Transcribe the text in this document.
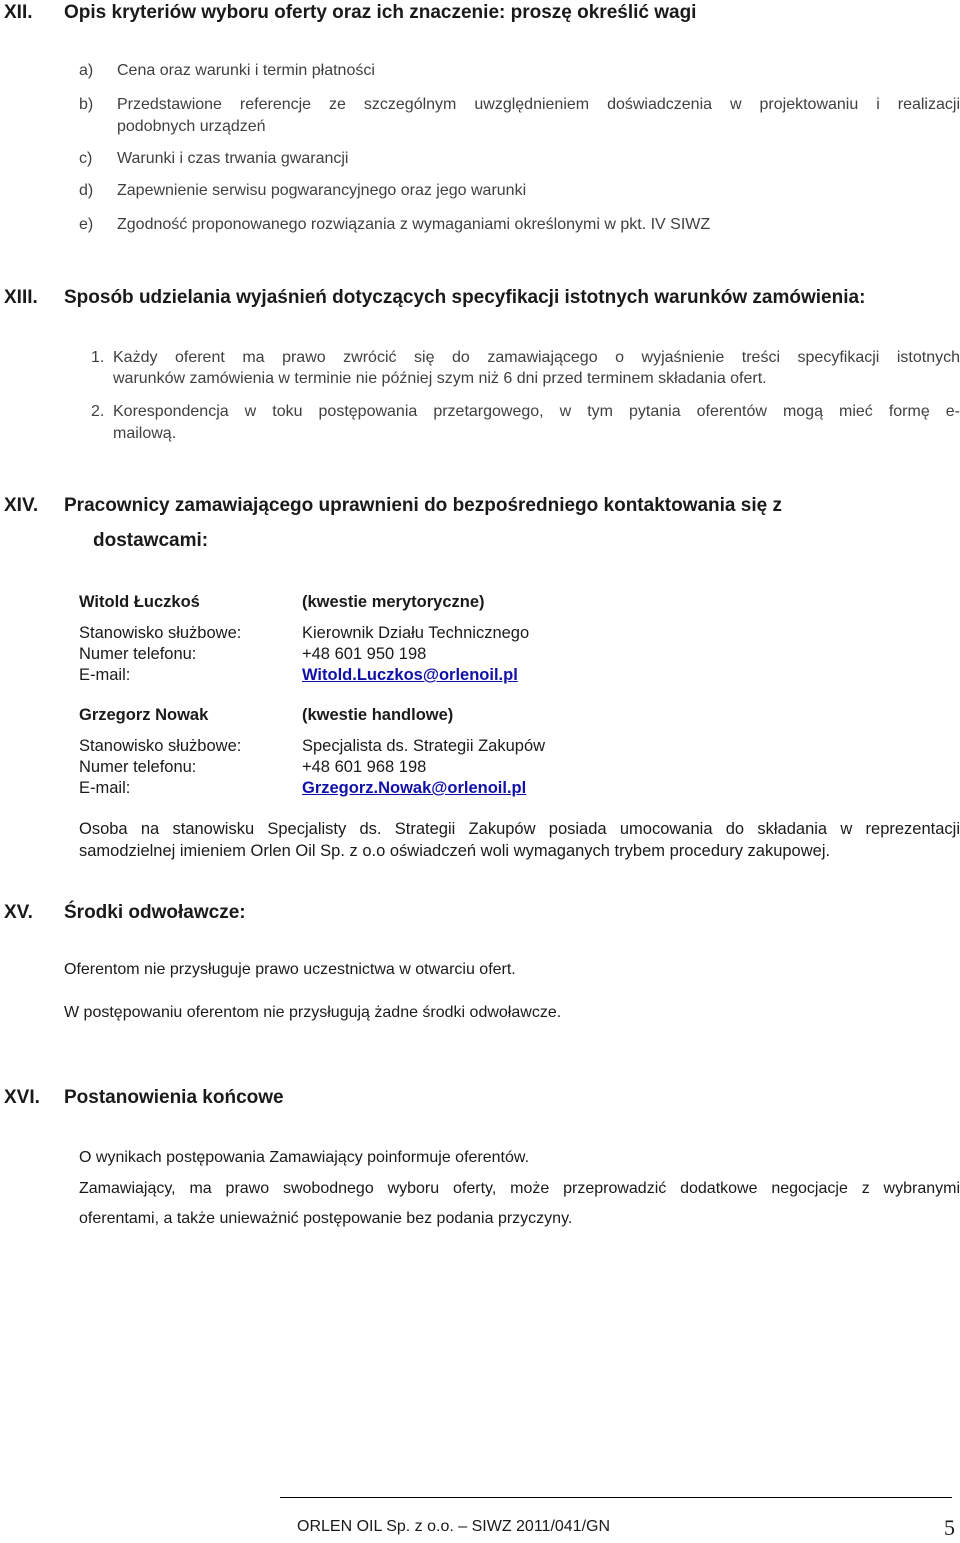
XII. Opis kryteriów wyboru oferty oraz ich znaczenie: proszę określić wagi
a) Cena oraz warunki i termin płatności
b) Przedstawione referencje ze szczególnym uwzględnieniem doświadczenia w projektowaniu i realizacji
podobnych urządzeń
c) Warunki i czas trwania gwarancji
d) Zapewnienie serwisu pogwarancyjnego oraz jego warunki
e) Zgodność proponowanego rozwiązania z wymaganiami określonymi w pkt. IV SIWZ
XIII. Sposób udzielania wyjaśnień dotyczących specyfikacji istotnych warunków zamówienia:
1. Każdy oferent ma prawo zwrócić się do zamawiającego o wyjaśnienie treści specyfikacji istotnych
warunków zamówienia w terminie nie później szym niż 6 dni przed terminem składania ofert.
2. Korespondencja w toku postępowania przetargowego, w tym pytania oferentów mogą mieć formę e-
mailową.
XIV. Pracownicy zamawiającego uprawnieni do bezpośredniego kontaktowania się z
dostawcami:
Witold Łuczkoś	(kwestie merytoryczne)
Stanowisko służbowe:	Kierownik Działu Technicznego
Numer telefonu:	+48 601 950 198
E-mail:	Witold.Luczkos@orlenoil.pl
Grzegorz Nowak	(kwestie handlowe)
Stanowisko służbowe:	Specjalista ds. Strategii Zakupów
Numer telefonu:	+48 601 968 198
E-mail:	Grzegorz.Nowak@orlenoil.pl
Osoba na stanowisku Specjalisty ds. Strategii Zakupów posiada umocowania do składania w reprezentacji
samodzielnej imieniem Orlen Oil Sp. z o.o oświadczeń woli wymaganych trybem procedury zakupowej.
XV. Środki odwoławcze:
Oferentom nie przysługuje prawo uczestnictwa w otwarciu ofert.
W postępowaniu oferentom nie przysługują żadne środki odwoławcze.
XVI. Postanowienia końcowe
O wynikach postępowania Zamawiający poinformuje oferentów.
Zamawiający, ma prawo swobodnego wyboru oferty, może przeprowadzić dodatkowe negocjacje z wybranymi
oferentami, a także unieważnić postępowanie bez podania przyczyny.
ORLEN OIL Sp. z o.o. – SIWZ 2011/041/GN	5
